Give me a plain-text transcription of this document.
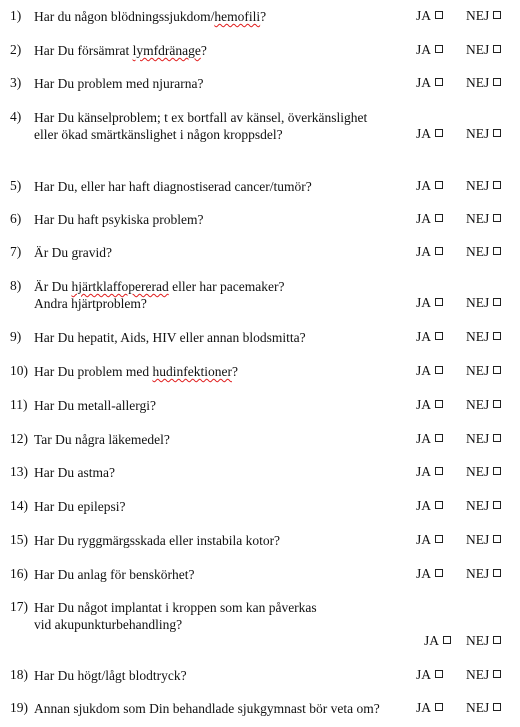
1) Har du någon blödningssjukdom/hemofili?	JA	NEJ
2) Har Du försämrat lymfdränage?	JA	NEJ
3) Har Du problem med njurarna?	JA	NEJ
4) Har Du känselproblem; t ex bortfall av känsel, överkänslighet
eller ökad smärtkänslighet i någon kroppsdel?	JA	NEJ
5) Har Du, eller har haft diagnostiserad cancer/tumör?	JA	NEJ
6) Har Du haft psykiska problem?	JA	NEJ
7) Är Du gravid?	JA	NEJ
8) Är Du hjärtklaffopererad eller har pacemaker?
Andra hjärtproblem?	JA	NEJ
9) Har Du hepatit, Aids, HIV eller annan blodsmitta?	JA	NEJ
10) Har Du problem med hudinfektioner?	JA	NEJ
11) Har Du metall-allergi?	JA	NEJ
12) Tar Du några läkemedel?	JA	NEJ
13) Har Du astma?	JA	NEJ
14) Har Du epilepsi?	JA	NEJ
15) Har Du ryggmärgsskada eller instabila kotor?	JA	NEJ
16) Har Du anlag för benskörhet?	JA	NEJ
17) Har Du något implantat i kroppen som kan påverkas
vid akupunkturbehandling?
JA	NEJ
18) Har Du högt/lågt blodtryck?	JA	NEJ
19) Annan sjukdom som Din behandlade sjukgymnast bör veta om?	JA	NEJ
